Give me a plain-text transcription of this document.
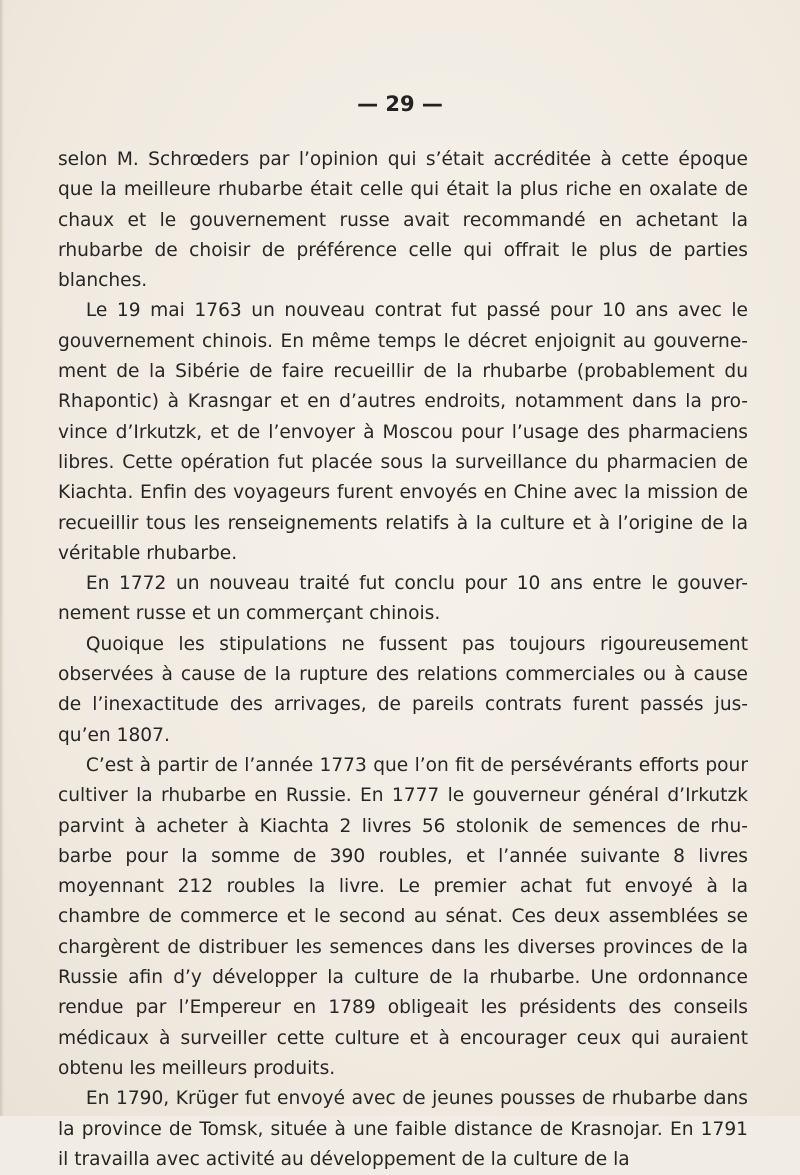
— 29 —

selon M. Schrœders par l’opinion qui s’était accréditée à cette époque que la meilleure rhubarbe était celle qui était la plus riche en oxalate de chaux et le gouvernement russe avait recommandé en achetant la rhubarbe de choisir de préférence celle qui offrait le plus de parties blanches.

Le 19 mai 1763 un nouveau contrat fut passé pour 10 ans avec le gouvernement chinois. En même temps le décret enjoignit au gouverne-ment de la Sibérie de faire recueillir de la rhubarbe (probablement du Rhapontic) à Krasngar et en d’autres endroits, notamment dans la pro-vince d’Irkutzk, et de l’envoyer à Moscou pour l’usage des pharmaciens libres. Cette opération fut placée sous la surveillance du pharmacien de Kiachta. Enfin des voyageurs furent envoyés en Chine avec la mission de recueillir tous les renseignements relatifs à la culture et à l’origine de la véritable rhubarbe.

En 1772 un nouveau traité fut conclu pour 10 ans entre le gouver-nement russe et un commerçant chinois.

Quoique les stipulations ne fussent pas toujours rigoureusement observées à cause de la rupture des relations commerciales ou à cause de l’inexactitude des arrivages, de pareils contrats furent passés jus-qu’en 1807.

C’est à partir de l’année 1773 que l’on fit de persévérants efforts pour cultiver la rhubarbe en Russie. En 1777 le gouverneur général d’Irkutzk parvint à acheter à Kiachta 2 livres 56 stolonik de semences de rhu-barbe pour la somme de 390 roubles, et l’année suivante 8 livres moyennant 212 roubles la livre. Le premier achat fut envoyé à la chambre de commerce et le second au sénat. Ces deux assemblées se chargèrent de distribuer les semences dans les diverses provinces de la Russie afin d’y développer la culture de la rhubarbe. Une ordonnance rendue par l’Empereur en 1789 obligeait les présidents des conseils médicaux à surveiller cette culture et à encourager ceux qui auraient obtenu les meilleurs produits.

En 1790, Krüger fut envoyé avec de jeunes pousses de rhubarbe dans la province de Tomsk, située à une faible distance de Krasnojar. En 1791 il travailla avec activité au développement de la culture de la
